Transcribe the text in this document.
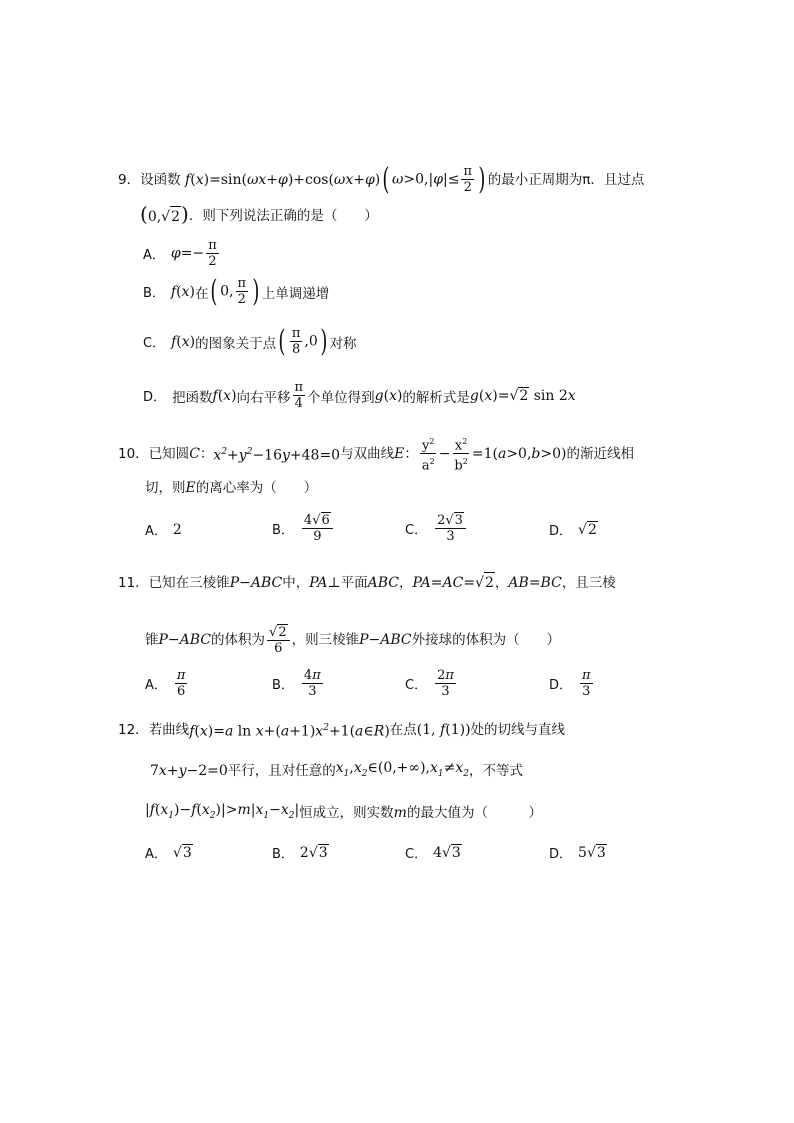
9． 设函数 f(x)=sin(ωx+φ)+cos(ωx+φ) ( $\omega>0,|\varphi|\le \frac{\pi}{2}$ ) 的最小正周期为 π ．且过点
(0, √ 2 ) ．则下列说法正确的是（　　）
A． $\varphi=- \frac{\pi}{2}$
B． f(x) 在 ( 0, $\frac{\pi}{2}$ ) 上单调递增
C． f(x) 的图象关于点 ( $\frac{\pi}{8} ,0$ ) 对称
D． 把函数 f(x) 向右平移 $\frac{\pi}{4}$ 个单位得到 g(x) 的解析式是 g(x)= √ 2 sin 2x
10． 已知圆 C ： $x^2+y^2-16y+48=0$ 与双曲线 E ： $\frac{y^2}{a^2} - \frac{x^2}{b^2} =1(a>0,b>0)$ 的渐近线相
切，则 E 的离心率为（　　）
A． 2	B． $\frac{4 √ 6}{9}$	C． $\frac{2 √ 3}{3}$	D． √ 2
11． 已知在三棱锥 P−ABC 中， PA⊥ 平面 ABC ， PA=AC= √ 2 ， AB=BC ，且三棱
锥 P−ABC 的体积为 $\frac{√ 2}{6}$ ，则三棱锥 P−ABC 外接球的体积为（　　）
A． $\frac{\pi}{6}$	B． $\frac{4\pi}{3}$	C． $\frac{2\pi}{3}$	D． $\frac{\pi}{3}$
12． 若曲线 f(x)=a $\ln x+(a+1)x^2+1(a\in R)$ 在点 (1, f(1)) 处的切线与直线
7x+y−2=0 平行，且对任意的 $x_1,x_2\in(0,+\infty),x_1\ne x_2$ ，不等式
$|f(x_1)-f(x_2)|>m|x_1-x_2|$ 恒成立，则实数 m 的最大值为（　　　）
A． √ 3	B． 2 √ 3	C． 4 √ 3	D． 5 √ 3
